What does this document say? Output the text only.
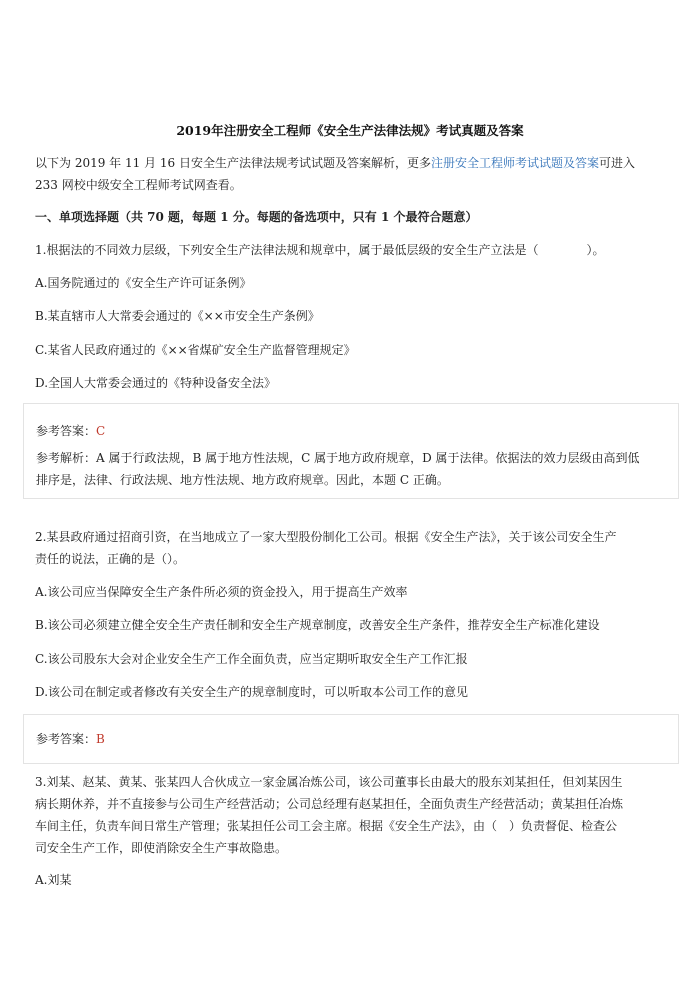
2019年注册安全工程师《安全生产法律法规》考试真题及答案
以下为 2019 年 11 月 16 日安全生产法律法规考试试题及答案解析，更多注册安全工程师考试试题及答案可进入
233 网校中级安全工程师考试网查看。
一、单项选择题（共 70 题，每题 1 分。每题的备选项中，只有 1 个最符合题意）
1.根据法的不同效力层级，下列安全生产法律法规和规章中，属于最低层级的安全生产立法是（　　　　）。
A.国务院通过的《安全生产许可证条例》
B.某直辖市人大常委会通过的《××市安全生产条例》
C.某省人民政府通过的《××省煤矿安全生产监督管理规定》
D.全国人大常委会通过的《特种设备安全法》
参考答案：C
参考解析：A 属于行政法规，B 属于地方性法规，C 属于地方政府规章，D 属于法律。依据法的效力层级由高到低
排序是，法律、行政法规、地方性法规、地方政府规章。因此，本题 C 正确。
2.某县政府通过招商引资，在当地成立了一家大型股份制化工公司。根据《安全生产法》，关于该公司安全生产
责任的说法，正确的是（）。
A.该公司应当保障安全生产条件所必须的资金投入，用于提高生产效率
B.该公司必须建立健全安全生产责任制和安全生产规章制度，改善安全生产条件，推荐安全生产标准化建设
C.该公司股东大会对企业安全生产工作全面负责，应当定期听取安全生产工作汇报
D.该公司在制定或者修改有关安全生产的规章制度时，可以听取本公司工作的意见
参考答案：B
3.刘某、赵某、黄某、张某四人合伙成立一家金属冶炼公司，该公司董事长由最大的股东刘某担任，但刘某因生
病长期休养，并不直接参与公司生产经营活动；公司总经理有赵某担任，全面负责生产经营活动；黄某担任冶炼
车间主任，负责车间日常生产管理；张某担任公司工会主席。根据《安全生产法》，由（　）负责督促、检查公
司安全生产工作，即使消除安全生产事故隐患。
A.刘某
